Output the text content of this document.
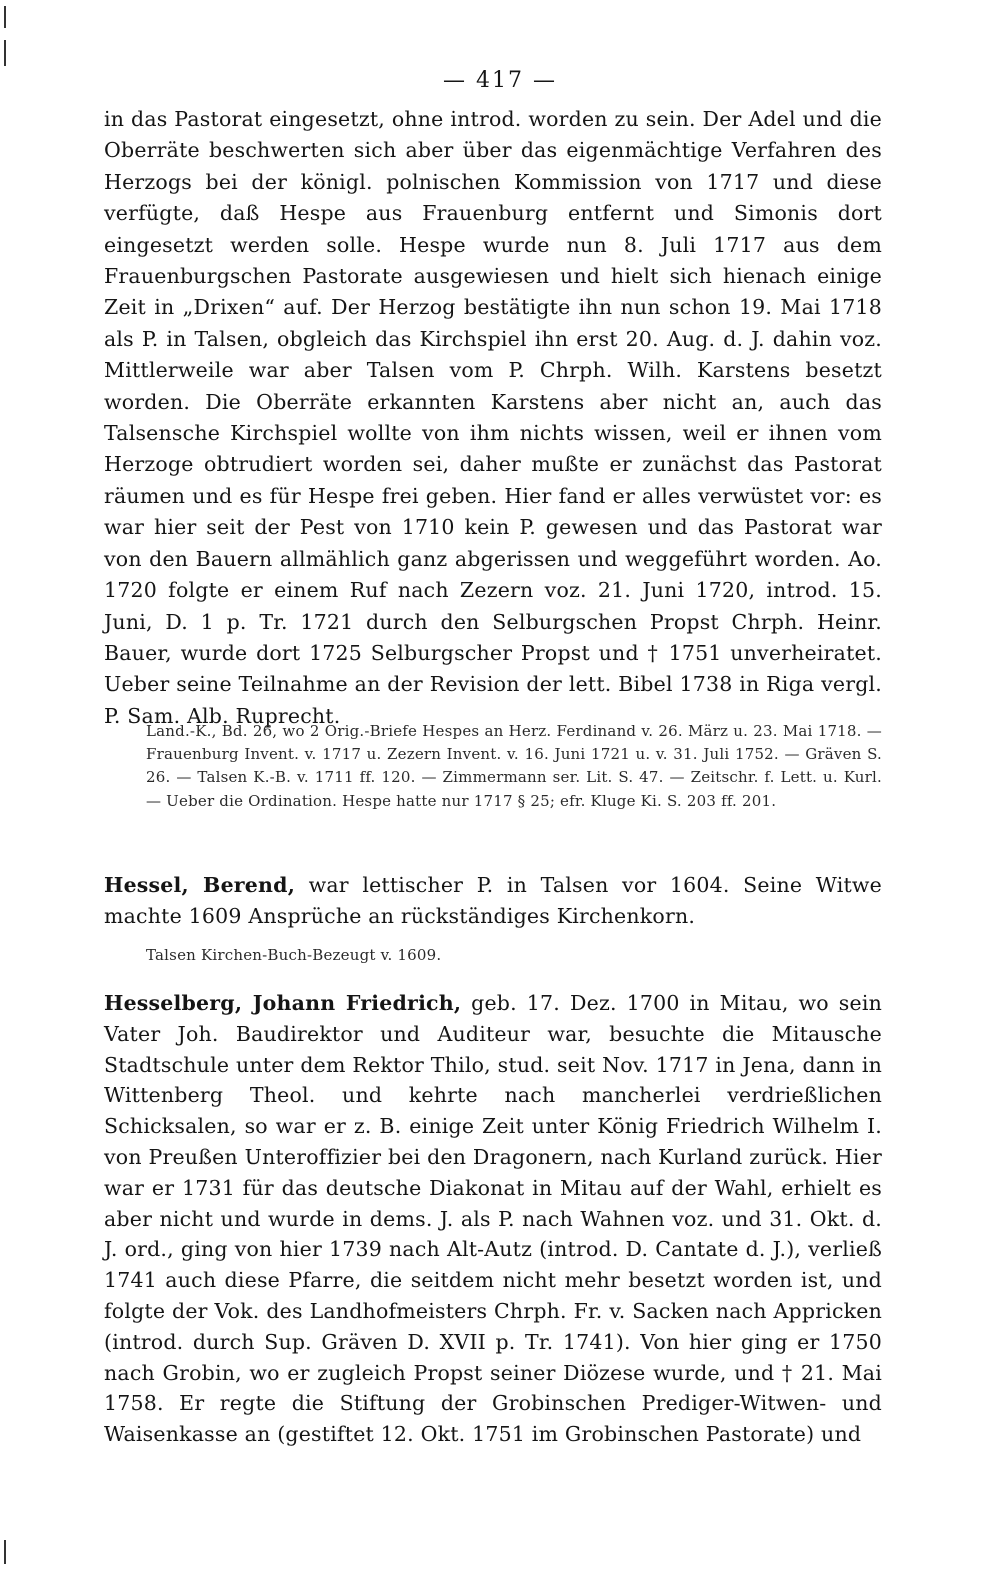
— 417 —
in das Pastorat eingesetzt, ohne introd. worden zu sein. Der Adel und die Oberräte beschwerten sich aber über das eigenmächtige Verfahren des Herzogs bei der königl. polnischen Kommission von 1717 und diese verfügte, daß Hespe aus Frauenburg entfernt und Simonis dort eingesetzt werden solle. Hespe wurde nun 8. Juli 1717 aus dem Frauenburgschen Pastorate ausgewiesen und hielt sich hienach einige Zeit in „Drixen“ auf. Der Herzog bestätigte ihn nun schon 19. Mai 1718 als P. in Talsen, obgleich das Kirchspiel ihn erst 20. Aug. d. J. dahin voz. Mittlerweile war aber Talsen vom P. Chrph. Wilh. Karstens besetzt worden. Die Oberräte erkannten Karstens aber nicht an, auch das Talsensche Kirchspiel wollte von ihm nichts wissen, weil er ihnen vom Herzoge obtrudiert worden sei, daher mußte er zunächst das Pastorat räumen und es für Hespe frei geben. Hier fand er alles verwüstet vor: es war hier seit der Pest von 1710 kein P. gewesen und das Pastorat war von den Bauern allmählich ganz abgerissen und weggeführt worden. Ao. 1720 folgte er einem Ruf nach Zezern voz. 21. Juni 1720, introd. 15. Juni, D. 1 p. Tr. 1721 durch den Selburgschen Propst Chrph. Heinr. Bauer, wurde dort 1725 Selburgscher Propst und † 1751 unverheiratet. Ueber seine Teilnahme an der Revision der lett. Bibel 1738 in Riga vergl. P. Sam. Alb. Ruprecht.
Land.-K., Bd. 26, wo 2 Orig.-Briefe Hespes an Herz. Ferdinand v. 26. März u. 23. Mai 1718. — Frauenburg Invent. v. 1717 u. Zezern Invent. v. 16. Juni 1721 u. v. 31. Juli 1752. — Gräven S. 26. — Talsen K.-B. v. 1711 ff. 120. — Zimmermann ser. Lit. S. 47. — Zeitschr. f. Lett. u. Kurl. — Ueber die Ordination. Hespe hatte nur 1717 § 25; efr. Kluge Ki. S. 203 ff. 201.
Hessel, Berend, war lettischer P. in Talsen vor 1604. Seine Witwe machte 1609 Ansprüche an rückständiges Kirchenkorn.
Talsen Kirchen-Buch-Bezeugt v. 1609.
Hesselberg, Johann Friedrich, geb. 17. Dez. 1700 in Mitau, wo sein Vater Joh. Baudirektor und Auditeur war, besuchte die Mitausche Stadtschule unter dem Rektor Thilo, stud. seit Nov. 1717 in Jena, dann in Wittenberg Theol. und kehrte nach mancherlei verdrießlichen Schicksalen, so war er z. B. einige Zeit unter König Friedrich Wilhelm I. von Preußen Unteroffizier bei den Dragonern, nach Kurland zurück. Hier war er 1731 für das deutsche Diakonat in Mitau auf der Wahl, erhielt es aber nicht und wurde in dems. J. als P. nach Wahnen voz. und 31. Okt. d. J. ord., ging von hier 1739 nach Alt-Autz (introd. D. Cantate d. J.), verließ 1741 auch diese Pfarre, die seitdem nicht mehr besetzt worden ist, und folgte der Vok. des Landhofmeisters Chrph. Fr. v. Sacken nach Appricken (introd. durch Sup. Gräven D. XVII p. Tr. 1741). Von hier ging er 1750 nach Grobin, wo er zugleich Propst seiner Diözese wurde, und † 21. Mai 1758. Er regte die Stiftung der Grobinschen Prediger-Witwen- und Waisenkasse an (gestiftet 12. Okt. 1751 im Grobinschen Pastorate) und
